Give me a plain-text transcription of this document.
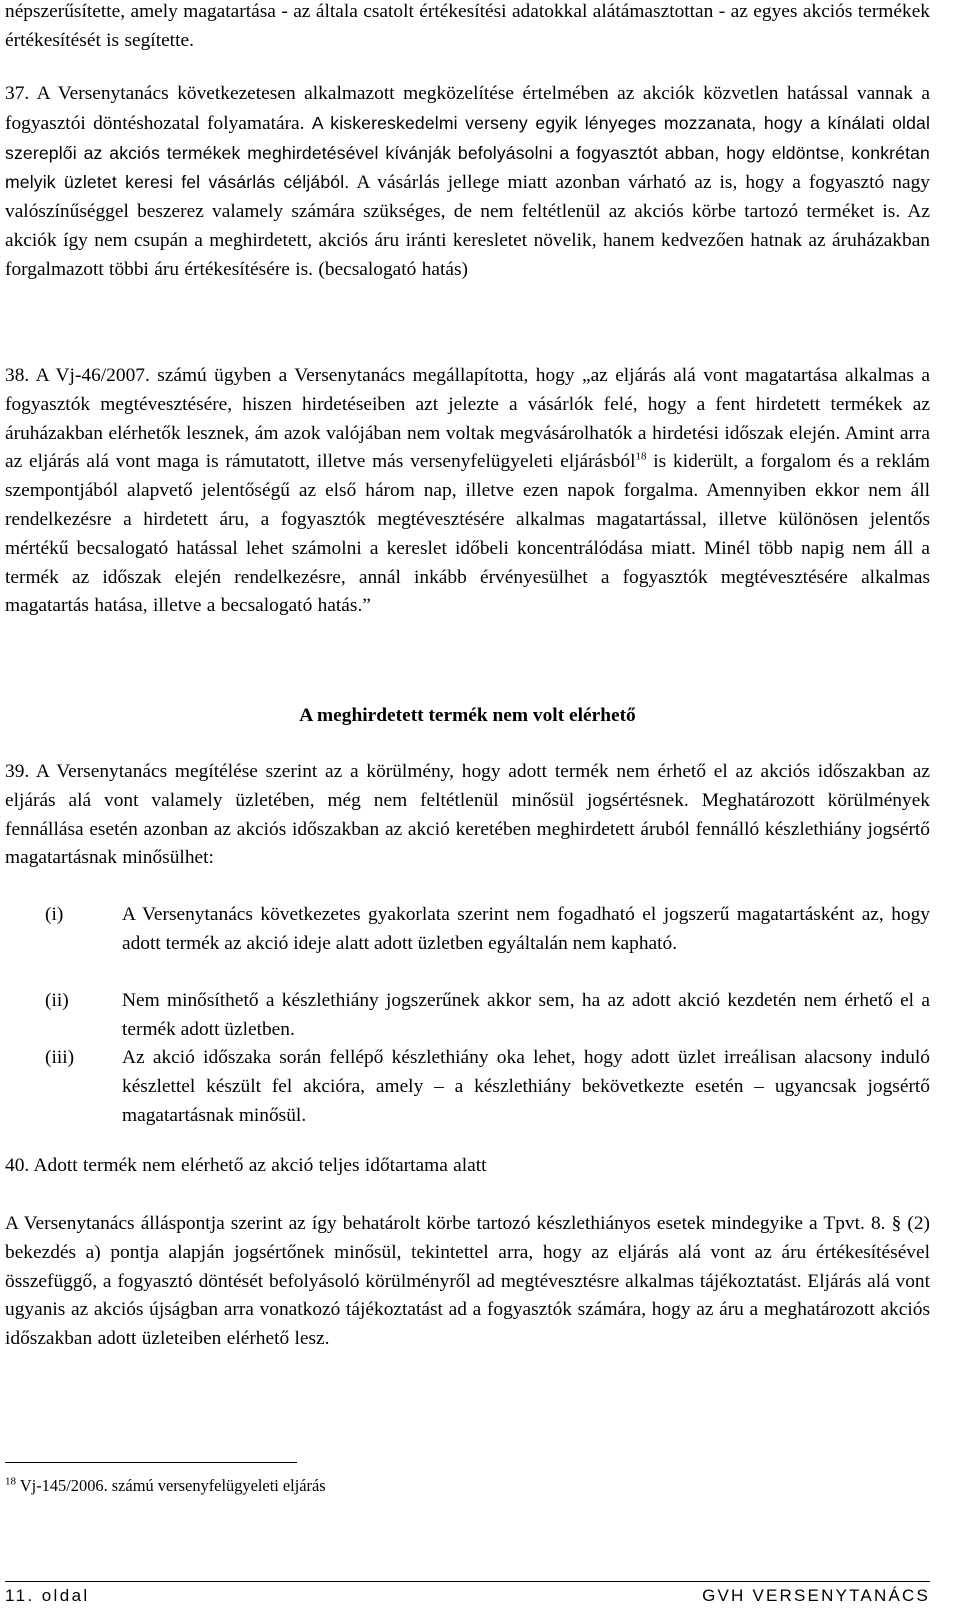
népszerűsítette, amely magatartása - az általa csatolt értékesítési adatokkal alátámasztottan - az egyes akciós termékek értékesítését is segítette.

37. A Versenytanács következetesen alkalmazott megközelítése értelmében az akciók közvetlen hatással vannak a fogyasztói döntéshozatal folyamatára. A kiskereskedelmi verseny egyik lényeges mozzanata, hogy a kínálati oldal szereplői az akciós termékek meghirdetésével kívánják befolyásolni a fogyasztót abban, hogy eldöntse, konkrétan melyik üzletet keresi fel vásárlás céljából. A vásárlás jellege miatt azonban várható az is, hogy a fogyasztó nagy valószínűséggel beszerez valamely számára szükséges, de nem feltétlenül az akciós körbe tartozó terméket is. Az akciók így nem csupán a meghirdetett, akciós áru iránti keresletet növelik, hanem kedvezően hatnak az áruházakban forgalmazott többi áru értékesítésére is. (becsalogató hatás)

38. A Vj-46/2007. számú ügyben a Versenytanács megállapította, hogy „az eljárás alá vont magatartása alkalmas a fogyasztók megtévesztésére, hiszen hirdetéseiben azt jelezte a vásárlók felé, hogy a fent hirdetett termékek az áruházakban elérhetők lesznek, ám azok valójában nem voltak megvásárolhatók a hirdetési időszak elején. Amint arra az eljárás alá vont maga is rámutatott, illetve más versenyfelügyeleti eljárásból$^{18}$ is kiderült, a forgalom és a reklám szempontjából alapvető jelentőségű az első három nap, illetve ezen napok forgalma. Amennyiben ekkor nem áll rendelkezésre a hirdetett áru, a fogyasztók megtévesztésére alkalmas magatartással, illetve különösen jelentős mértékű becsalogató hatással lehet számolni a kereslet időbeli koncentrálódása miatt. Minél több napig nem áll a termék az időszak elején rendelkezésre, annál inkább érvényesülhet a fogyasztók megtévesztésére alkalmas magatartás hatása, illetve a becsalogató hatás.”

A meghirdetett termék nem volt elérhető

39. A Versenytanács megítélése szerint az a körülmény, hogy adott termék nem érhető el az akciós időszakban az eljárás alá vont valamely üzletében, még nem feltétlenül minősül jogsértésnek. Meghatározott körülmények fennállása esetén azonban az akciós időszakban az akció keretében meghirdetett áruból fennálló készlethiány jogsértő magatartásnak minősülhet:

(i)	A Versenytanács következetes gyakorlata szerint nem fogadható el jogszerű magatartásként az, hogy adott termék az akció ideje alatt adott üzletben egyáltalán nem kapható.

(ii)	Nem minősíthető a készlethiány jogszerűnek akkor sem, ha az adott akció kezdetén nem érhető el a termék adott üzletben.

(iii) Az akció időszaka során fellépő készlethiány oka lehet, hogy adott üzlet irreálisan alacsony induló készlettel készült fel akcióra, amely – a készlethiány bekövetkezte esetén – ugyancsak jogsértő magatartásnak minősül.

40. Adott termék nem elérhető az akció teljes időtartama alatt

A Versenytanács álláspontja szerint az így behatárolt körbe tartozó készlethiányos esetek mindegyike a Tpvt. 8. § (2) bekezdés a) pontja alapján jogsértőnek minősül, tekintettel arra, hogy az eljárás alá vont az áru értékesítésével összefüggő, a fogyasztó döntését befolyásoló körülményről ad megtévesztésre alkalmas tájékoztatást. Eljárás alá vont ugyanis az akciós újságban arra vonatkozó tájékoztatást ad a fogyasztók számára, hogy az áru a meghatározott akciós időszakban adott üzleteiben elérhető lesz.

$^{18}$ Vj-145/2006. számú versenyfelügyeleti eljárás
11. oldal	GVH VERSENYTANÁCS
